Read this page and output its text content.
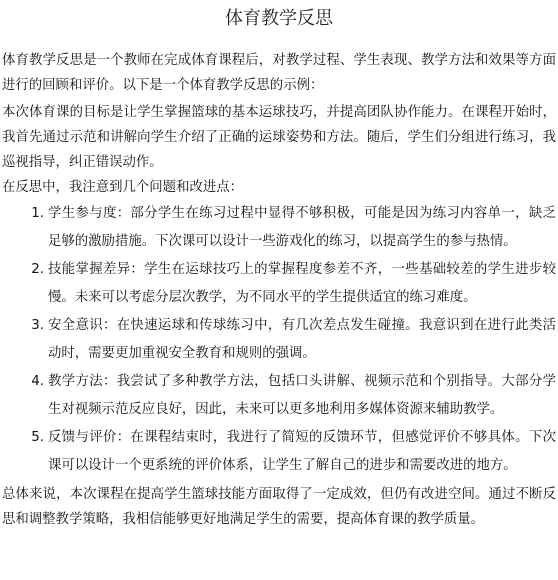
体育教学反思

体育教学反思是一个教师在完成体育课程后，对教学过程、学生表现、教学方法和效果等方面进行的回顾和评价。以下是一个体育教学反思的示例：

本次体育课的目标是让学生掌握篮球的基本运球技巧，并提高团队协作能力。在课程开始时，我首先通过示范和讲解向学生介绍了正确的运球姿势和方法。随后，学生们分组进行练习，我巡视指导，纠正错误动作。

在反思中，我注意到几个问题和改进点：

1. 学生参与度：部分学生在练习过程中显得不够积极，可能是因为练习内容单一，缺乏足够的激励措施。下次课可以设计一些游戏化的练习，以提高学生的参与热情。
2. 技能掌握差异：学生在运球技巧上的掌握程度参差不齐，一些基础较差的学生进步较慢。未来可以考虑分层次教学，为不同水平的学生提供适宜的练习难度。
3. 安全意识：在快速运球和传球练习中，有几次差点发生碰撞。我意识到在进行此类活动时，需要更加重视安全教育和规则的强调。
4. 教学方法：我尝试了多种教学方法，包括口头讲解、视频示范和个别指导。大部分学生对视频示范反应良好，因此，未来可以更多地利用多媒体资源来辅助教学。
5. 反馈与评价：在课程结束时，我进行了简短的反馈环节，但感觉评价不够具体。下次课可以设计一个更系统的评价体系，让学生了解自己的进步和需要改进的地方。

总体来说，本次课程在提高学生篮球技能方面取得了一定成效，但仍有改进空间。通过不断反思和调整教学策略，我相信能够更好地满足学生的需要，提高体育课的教学质量。
